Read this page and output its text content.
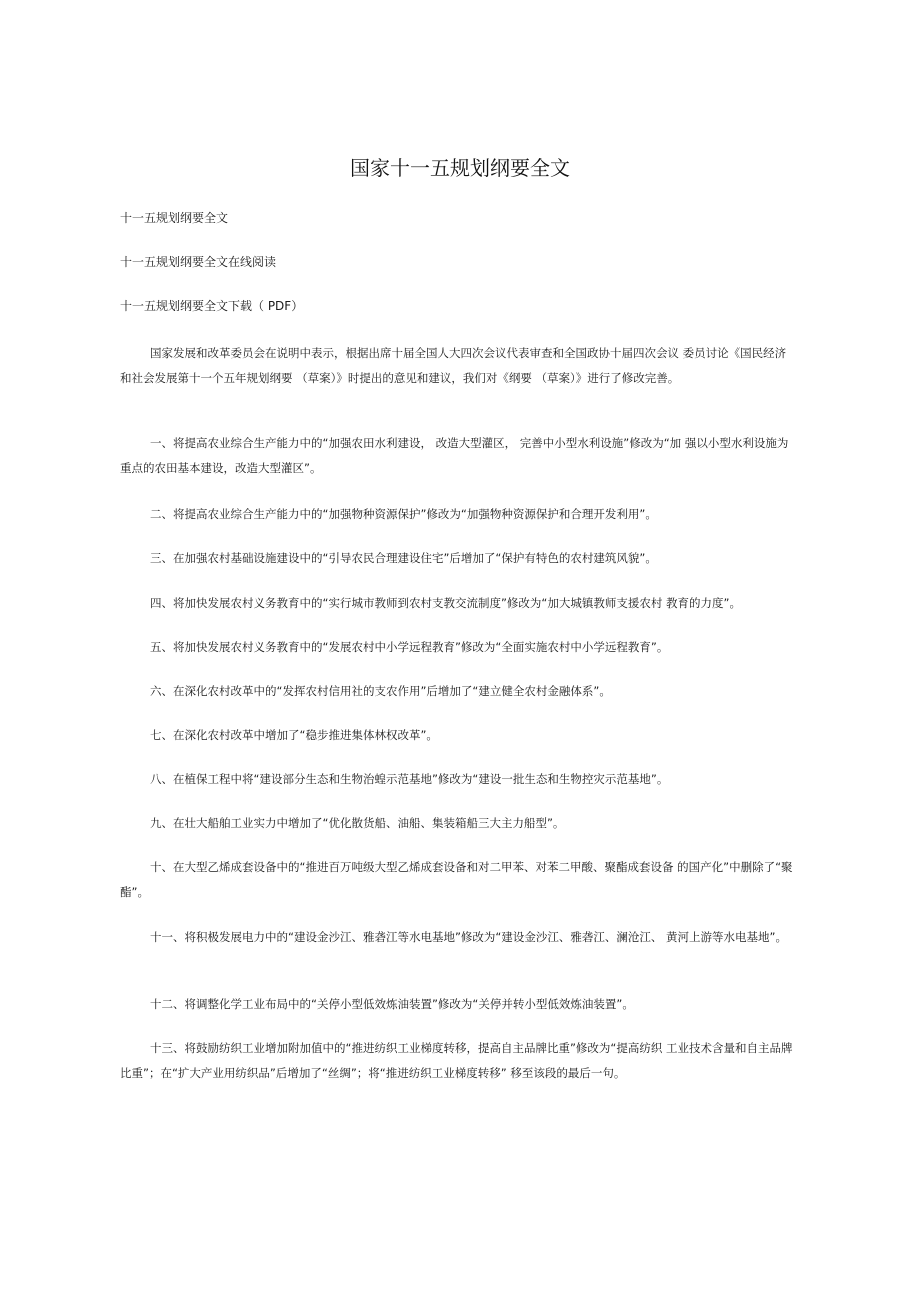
国家十一五规划纲要全文
十一五规划纲要全文
十一五规划纲要全文在线阅读
十一五规划纲要全文下载（ PDF）
国家发展和改革委员会在说明中表示，根据出席十届全国人大四次会议代表审查和全国政协十届四次会议 委员讨论《国民经济和社会发展第十一个五年规划纲要 （草案）》时提出的意见和建议，我们对《纲要 （草案）》进行了修改完善。
一、将提高农业综合生产能力中的“加强农田水利建设， 改造大型灌区， 完善中小型水利设施”修改为“加 强以小型水利设施为重点的农田基本建设，改造大型灌区”。
二、将提高农业综合生产能力中的“加强物种资源保护”修改为“加强物种资源保护和合理开发利用”。
三、在加强农村基础设施建设中的“引导农民合理建设住宅”后增加了“保护有特色的农村建筑风貌”。
四、将加快发展农村义务教育中的“实行城市教师到农村支教交流制度”修改为“加大城镇教师支援农村 教育的力度”。
五、将加快发展农村义务教育中的“发展农村中小学远程教育”修改为“全面实施农村中小学远程教育”。
六、在深化农村改革中的“发挥农村信用社的支农作用”后增加了“建立健全农村金融体系”。
七、在深化农村改革中增加了“稳步推进集体林权改革”。
八、在植保工程中将“建设部分生态和生物治蝗示范基地”修改为“建设一批生态和生物控灾示范基地”。
九、在壮大船舶工业实力中增加了“优化散货船、油船、集装箱船三大主力船型”。
十、在大型乙烯成套设备中的“推进百万吨级大型乙烯成套设备和对二甲苯、对苯二甲酸、聚酯成套设备 的国产化”中删除了“聚酯”。
十一、将积极发展电力中的“建设金沙江、雅砻江等水电基地”修改为“建设金沙江、雅砻江、澜沧江、 黄河上游等水电基地”。
十二、将调整化学工业布局中的“关停小型低效炼油装置”修改为“关停并转小型低效炼油装置”。
十三、将鼓励纺织工业增加附加值中的“推进纺织工业梯度转移，提高自主品牌比重”修改为“提高纺织 工业技术含量和自主品牌比重”；在“扩大产业用纺织品”后增加了“丝绸”；将“推进纺织工业梯度转移” 移至该段的最后一句。
